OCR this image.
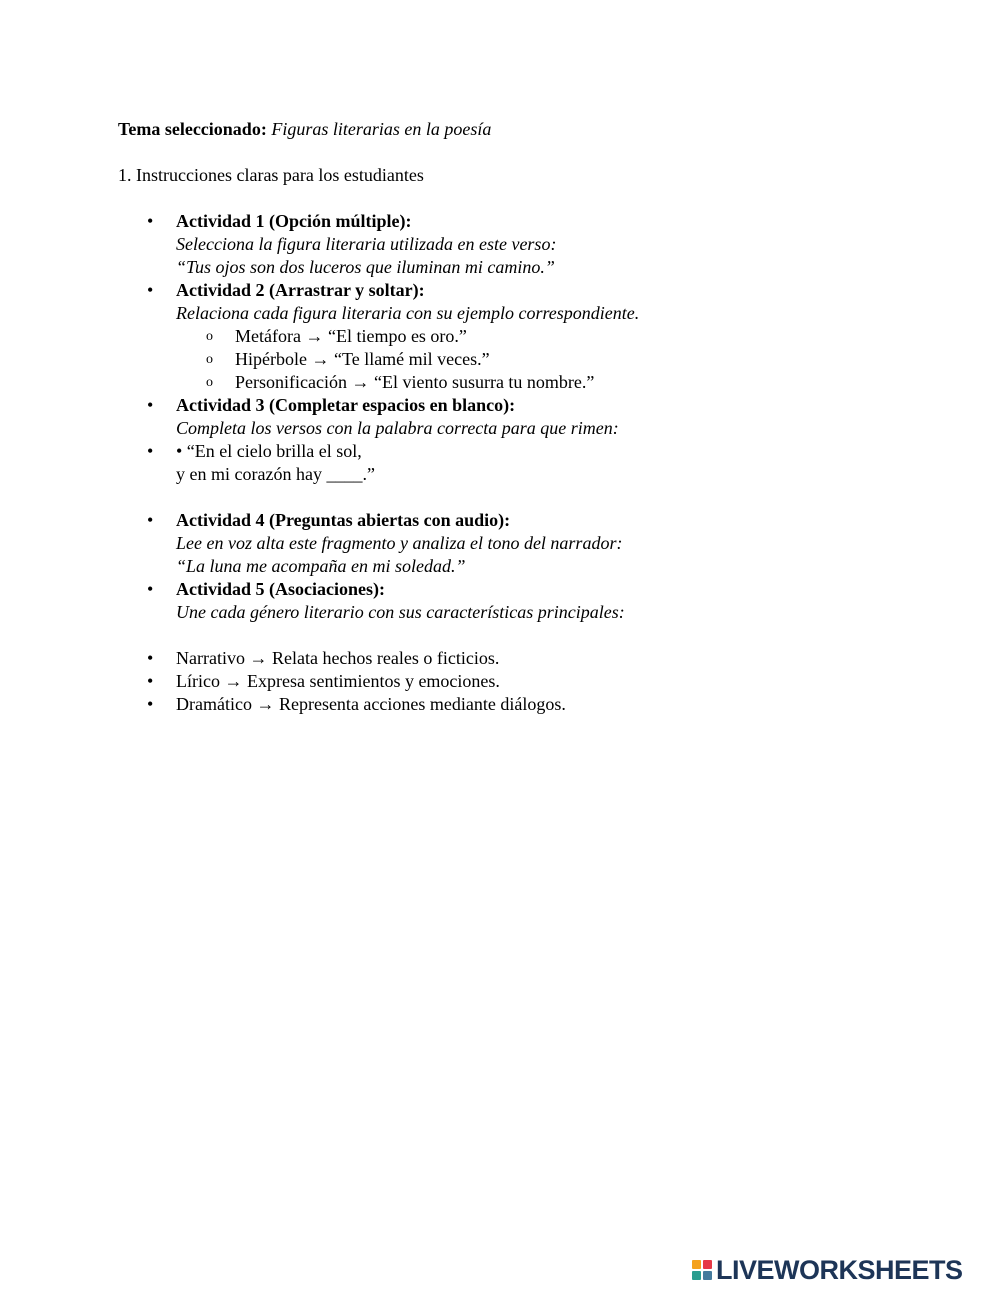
Tema seleccionado: Figuras literarias en la poesía
1. Instrucciones claras para los estudiantes
• Actividad 1 (Opción múltiple):
Selecciona la figura literaria utilizada en este verso:
“Tus ojos son dos luceros que iluminan mi camino.”
• Actividad 2 (Arrastrar y soltar):
Relaciona cada figura literaria con su ejemplo correspondiente.
o Metáfora → “El tiempo es oro.”
o Hipérbole → “Te llamé mil veces.”
o Personificación → “El viento susurra tu nombre.”
• Actividad 3 (Completar espacios en blanco):
Completa los versos con la palabra correcta para que rimen:
• • “En el cielo brilla el sol,
y en mi corazón hay ____.”
• Actividad 4 (Preguntas abiertas con audio):
Lee en voz alta este fragmento y analiza el tono del narrador:
“La luna me acompaña en mi soledad.”
• Actividad 5 (Asociaciones):
Une cada género literario con sus características principales:
• Narrativo → Relata hechos reales o ficticios.
• Lírico → Expresa sentimientos y emociones.
• Dramático → Representa acciones mediante diálogos.
LIVEWORKSHEETS
